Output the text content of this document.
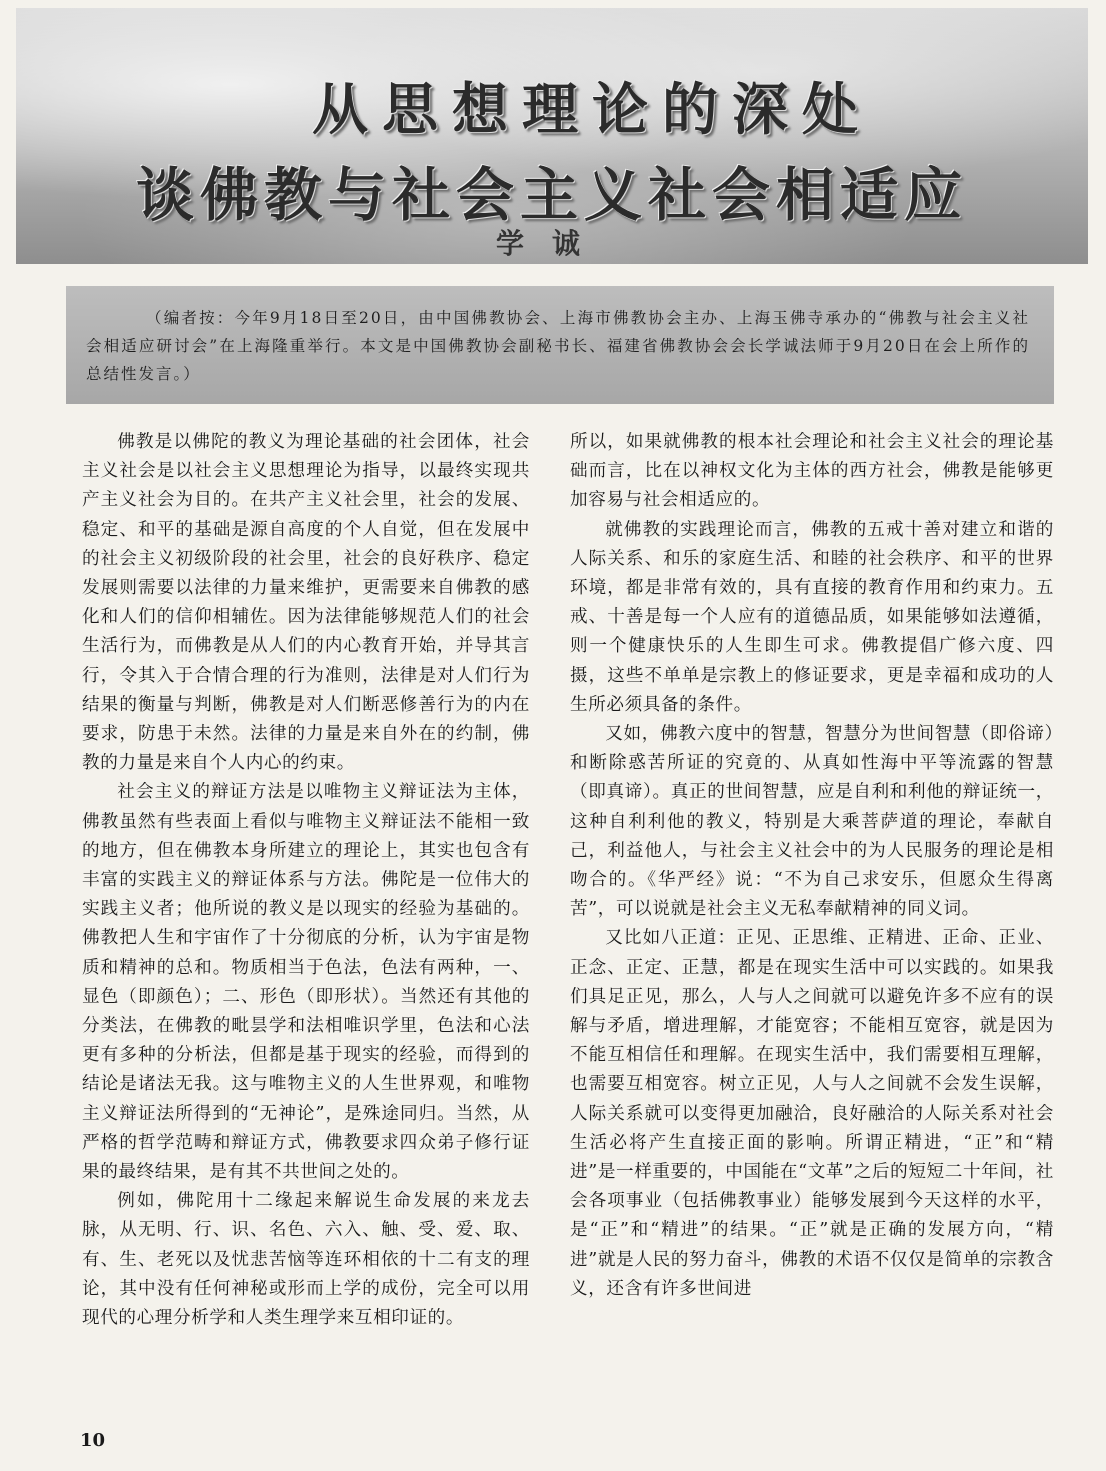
从思想理论的深处
谈佛教与社会主义社会相适应
学诚

（编者按：今年9月18日至20日，由中国佛教协会、上海市佛教协会主办、上海玉佛寺承办的“佛教与社会主义社会相适应研讨会”在上海隆重举行。本文是中国佛教协会副秘书长、福建省佛教协会会长学诚法师于9月20日在会上所作的总结性发言。）

佛教是以佛陀的教义为理论基础的社会团体，社会主义社会是以社会主义思想理论为指导，以最终实现共产主义社会为目的。在共产主义社会里，社会的发展、稳定、和平的基础是源自高度的个人自觉，但在发展中的社会主义初级阶段的社会里，社会的良好秩序、稳定发展则需要以法律的力量来维护，更需要来自佛教的感化和人们的信仰相辅佐。因为法律能够规范人们的社会生活行为，而佛教是从人们的内心教育开始，并导其言行，令其入于合情合理的行为准则，法律是对人们行为结果的衡量与判断，佛教是对人们断恶修善行为的内在要求，防患于未然。法律的力量是来自外在的约制，佛教的力量是来自个人内心的约束。

社会主义的辩证方法是以唯物主义辩证法为主体，佛教虽然有些表面上看似与唯物主义辩证法不能相一致的地方，但在佛教本身所建立的理论上，其实也包含有丰富的实践主义的辩证体系与方法。佛陀是一位伟大的实践主义者；他所说的教义是以现实的经验为基础的。佛教把人生和宇宙作了十分彻底的分析，认为宇宙是物质和精神的总和。物质相当于色法，色法有两种，一、显色（即颜色）；二、形色（即形状）。当然还有其他的分类法，在佛教的毗昙学和法相唯识学里，色法和心法更有多种的分析法，但都是基于现实的经验，而得到的结论是诸法无我。这与唯物主义的人生世界观，和唯物主义辩证法所得到的“无神论”，是殊途同归。当然，从严格的哲学范畴和辩证方式，佛教要求四众弟子修行证果的最终结果，是有其不共世间之处的。

例如，佛陀用十二缘起来解说生命发展的来龙去脉，从无明、行、识、名色、六入、触、受、爱、取、有、生、老死以及忧悲苦恼等连环相依的十二有支的理论，其中没有任何神秘或形而上学的成份，完全可以用现代的心理分析学和人类生理学来互相印证的。

所以，如果就佛教的根本社会理论和社会主义社会的理论基础而言，比在以神权文化为主体的西方社会，佛教是能够更加容易与社会相适应的。

就佛教的实践理论而言，佛教的五戒十善对建立和谐的人际关系、和乐的家庭生活、和睦的社会秩序、和平的世界环境，都是非常有效的，具有直接的教育作用和约束力。五戒、十善是每一个人应有的道德品质，如果能够如法遵循，则一个健康快乐的人生即生可求。佛教提倡广修六度、四摄，这些不单单是宗教上的修证要求，更是幸福和成功的人生所必须具备的条件。

又如，佛教六度中的智慧，智慧分为世间智慧（即俗谛）和断除惑苦所证的究竟的、从真如性海中平等流露的智慧（即真谛）。真正的世间智慧，应是自利和利他的辩证统一，这种自利利他的教义，特别是大乘菩萨道的理论，奉献自己，利益他人，与社会主义社会中的为人民服务的理论是相吻合的。《华严经》说：“不为自己求安乐，但愿众生得离苦”，可以说就是社会主义无私奉献精神的同义词。

又比如八正道：正见、正思维、正精进、正命、正业、正念、正定、正慧，都是在现实生活中可以实践的。如果我们具足正见，那么，人与人之间就可以避免许多不应有的误解与矛盾，增进理解，才能宽容；不能相互宽容，就是因为不能互相信任和理解。在现实生活中，我们需要相互理解，也需要互相宽容。树立正见，人与人之间就不会发生误解，人际关系就可以变得更加融洽，良好融洽的人际关系对社会生活必将产生直接正面的影响。所谓正精进，“正”和“精进”是一样重要的，中国能在“文革”之后的短短二十年间，社会各项事业（包括佛教事业）能够发展到今天这样的水平，是“正”和“精进”的结果。“正”就是正确的发展方向，“精进”就是人民的努力奋斗，佛教的术语不仅仅是简单的宗教含义，还含有许多世间进

10
